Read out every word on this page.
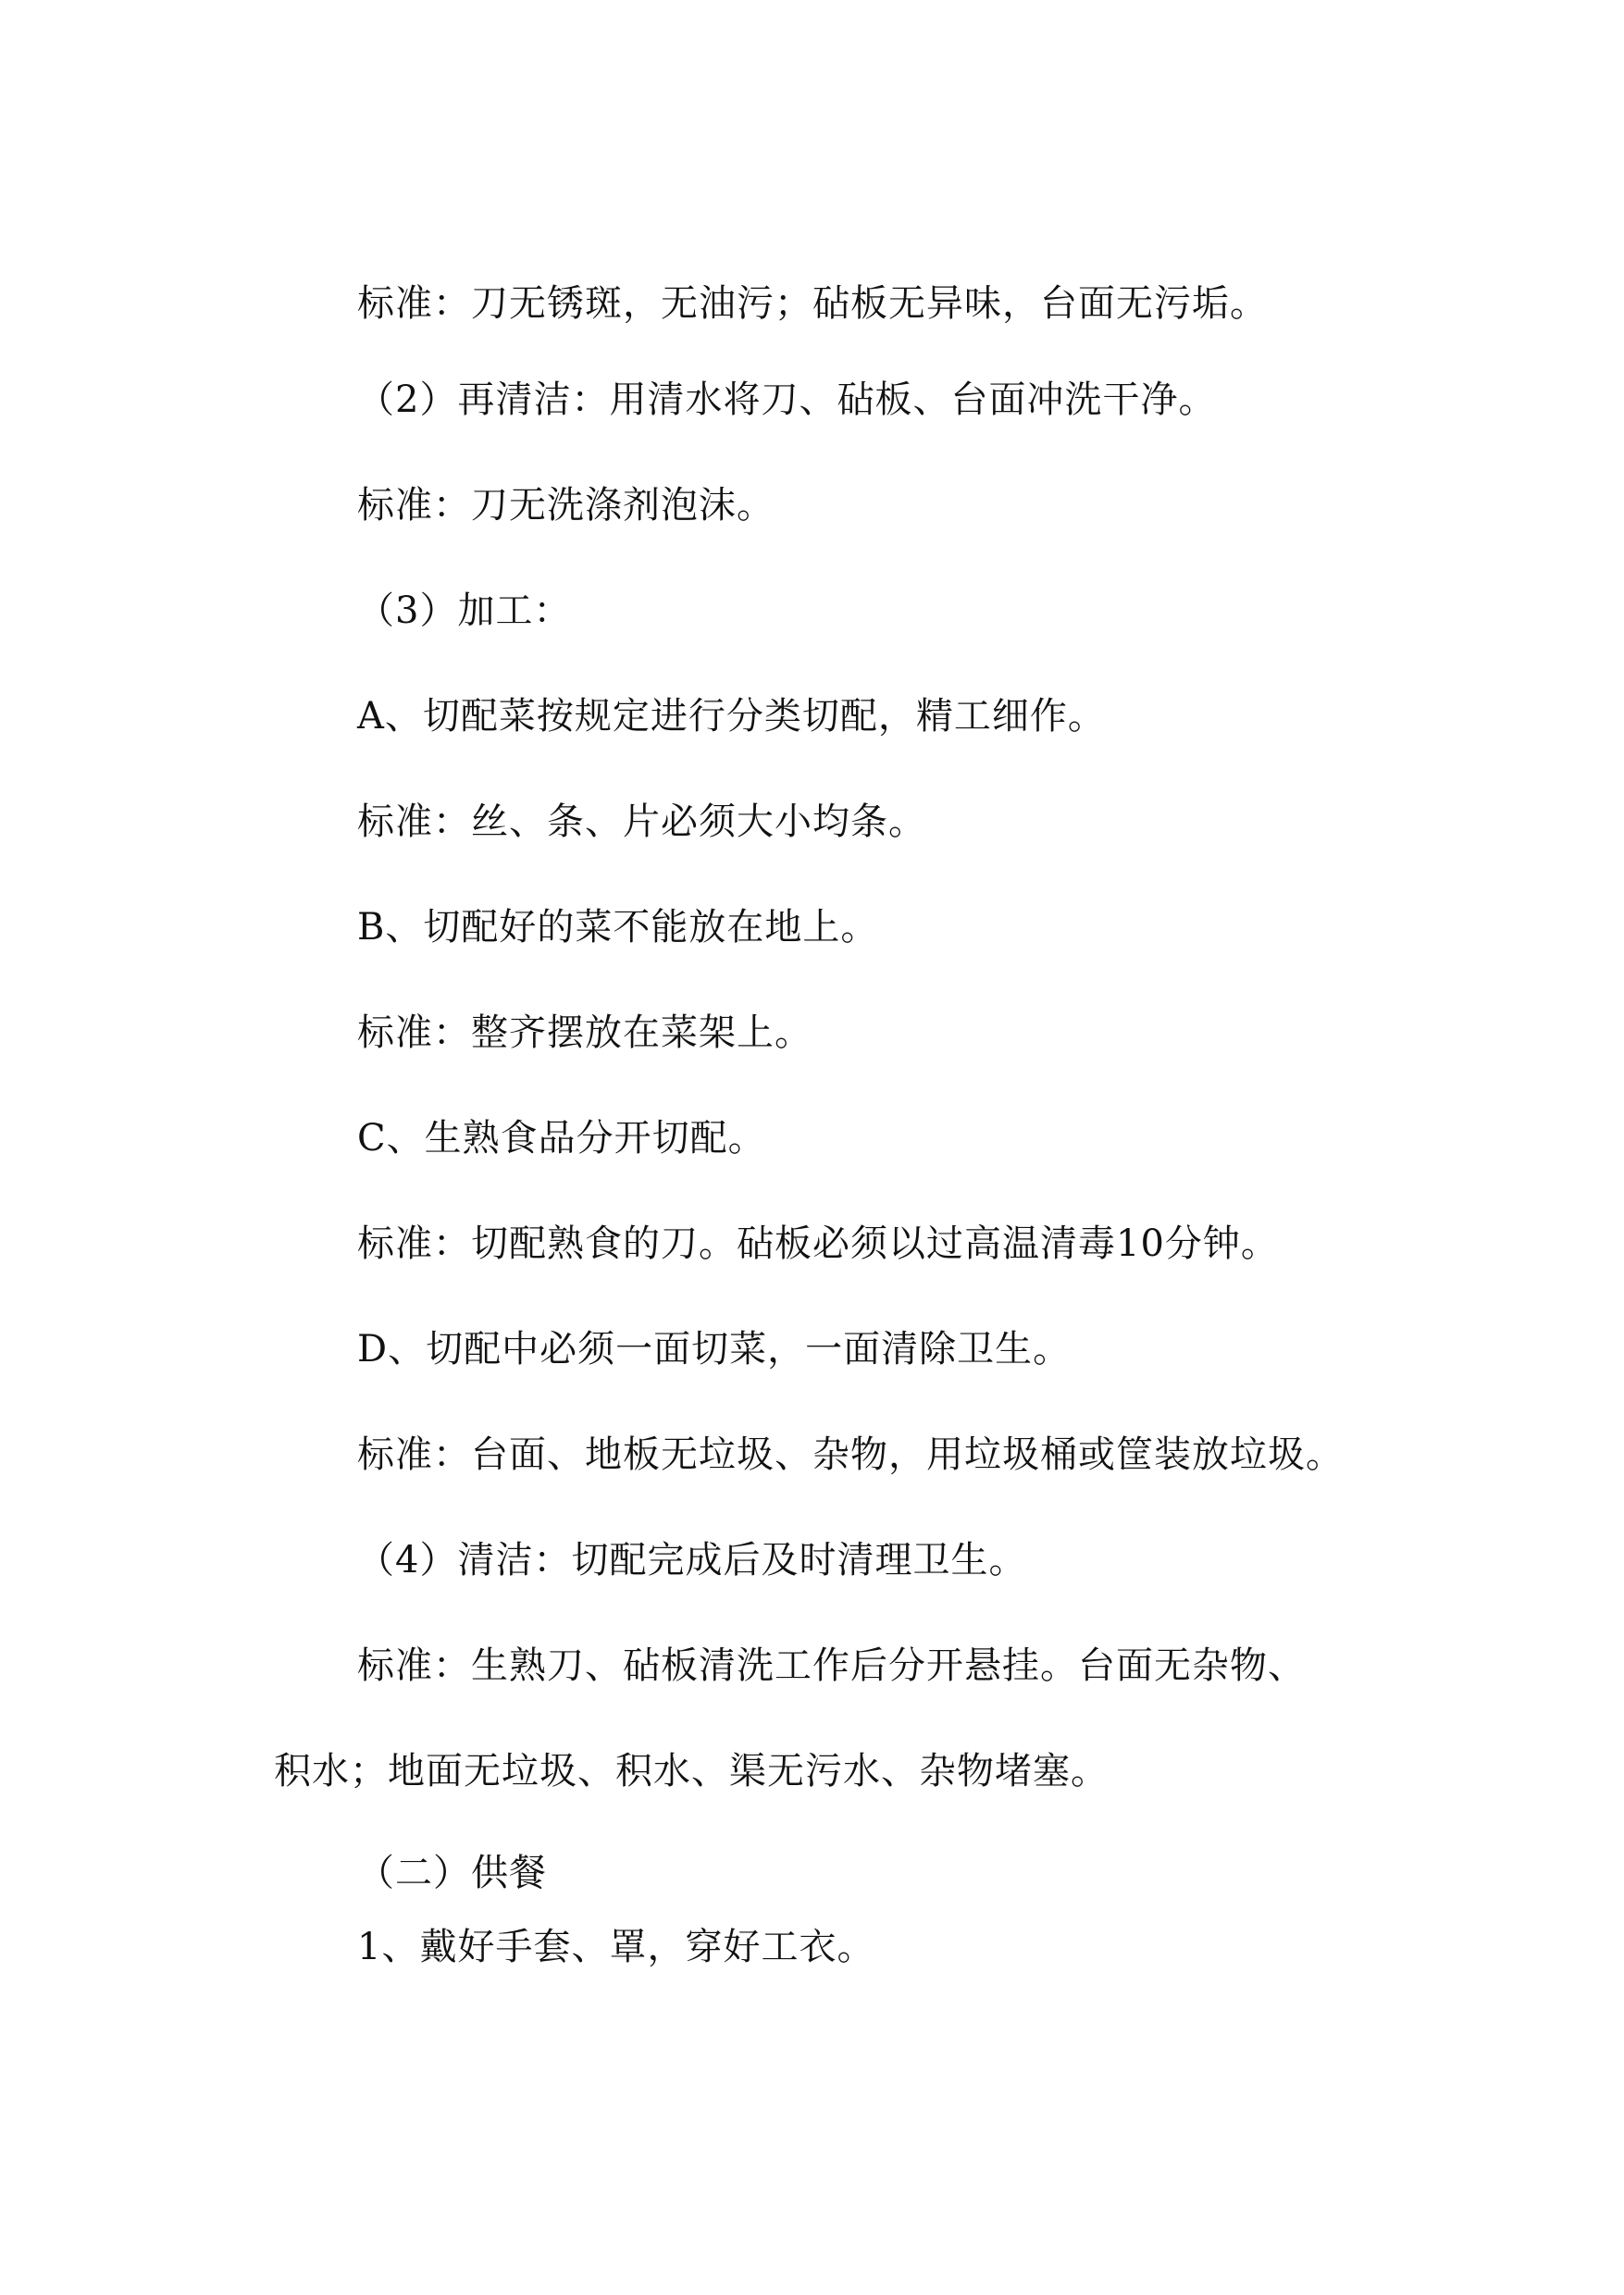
标准：刀无锈斑，无油污；砧板无异味，台面无污垢。
（2）再清洁：用清水将刀、砧板、台面冲洗干净。
标准：刀无洗涤剂泡沫。
（3）加工：
A、切配菜按规定进行分类切配，精工细作。
标准：丝、条、片必须大小均条。
B、切配好的菜不能放在地上。
标准：整齐摆放在菜架上。
C、生熟食品分开切配。
标准：切配熟食的刀。砧板必须以过高温清毒10分钟。
D、切配中必须一面切菜，一面清除卫生。
标准：台面、地板无垃圾、杂物，用垃圾桶或筐装放垃圾。
（4）清洁：切配完成后及时清理卫生。
标准：生熟刀、砧板清洗工作后分开悬挂。台面无杂物、
积水；地面无垃圾、积水、渠无污水、杂物堵塞。
（二）供餐
1、戴好手套、罩，穿好工衣。
